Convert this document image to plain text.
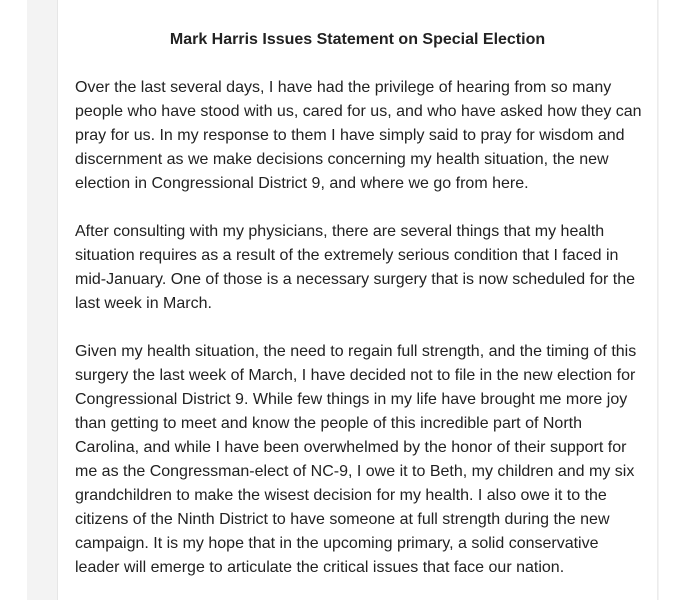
Mark Harris Issues Statement on Special Election

Over the last several days, I have had the privilege of hearing from so many people who have stood with us, cared for us, and who have asked how they can pray for us. In my response to them I have simply said to pray for wisdom and discernment as we make decisions concerning my health situation, the new election in Congressional District 9, and where we go from here.

After consulting with my physicians, there are several things that my health situation requires as a result of the extremely serious condition that I faced in mid-January. One of those is a necessary surgery that is now scheduled for the last week in March.

Given my health situation, the need to regain full strength, and the timing of this surgery the last week of March, I have decided not to file in the new election for Congressional District 9. While few things in my life have brought me more joy than getting to meet and know the people of this incredible part of North Carolina, and while I have been overwhelmed by the honor of their support for me as the Congressman-elect of NC-9, I owe it to Beth, my children and my six grandchildren to make the wisest decision for my health. I also owe it to the citizens of the Ninth District to have someone at full strength during the new campaign. It is my hope that in the upcoming primary, a solid conservative leader will emerge to articulate the critical issues that face our nation.
